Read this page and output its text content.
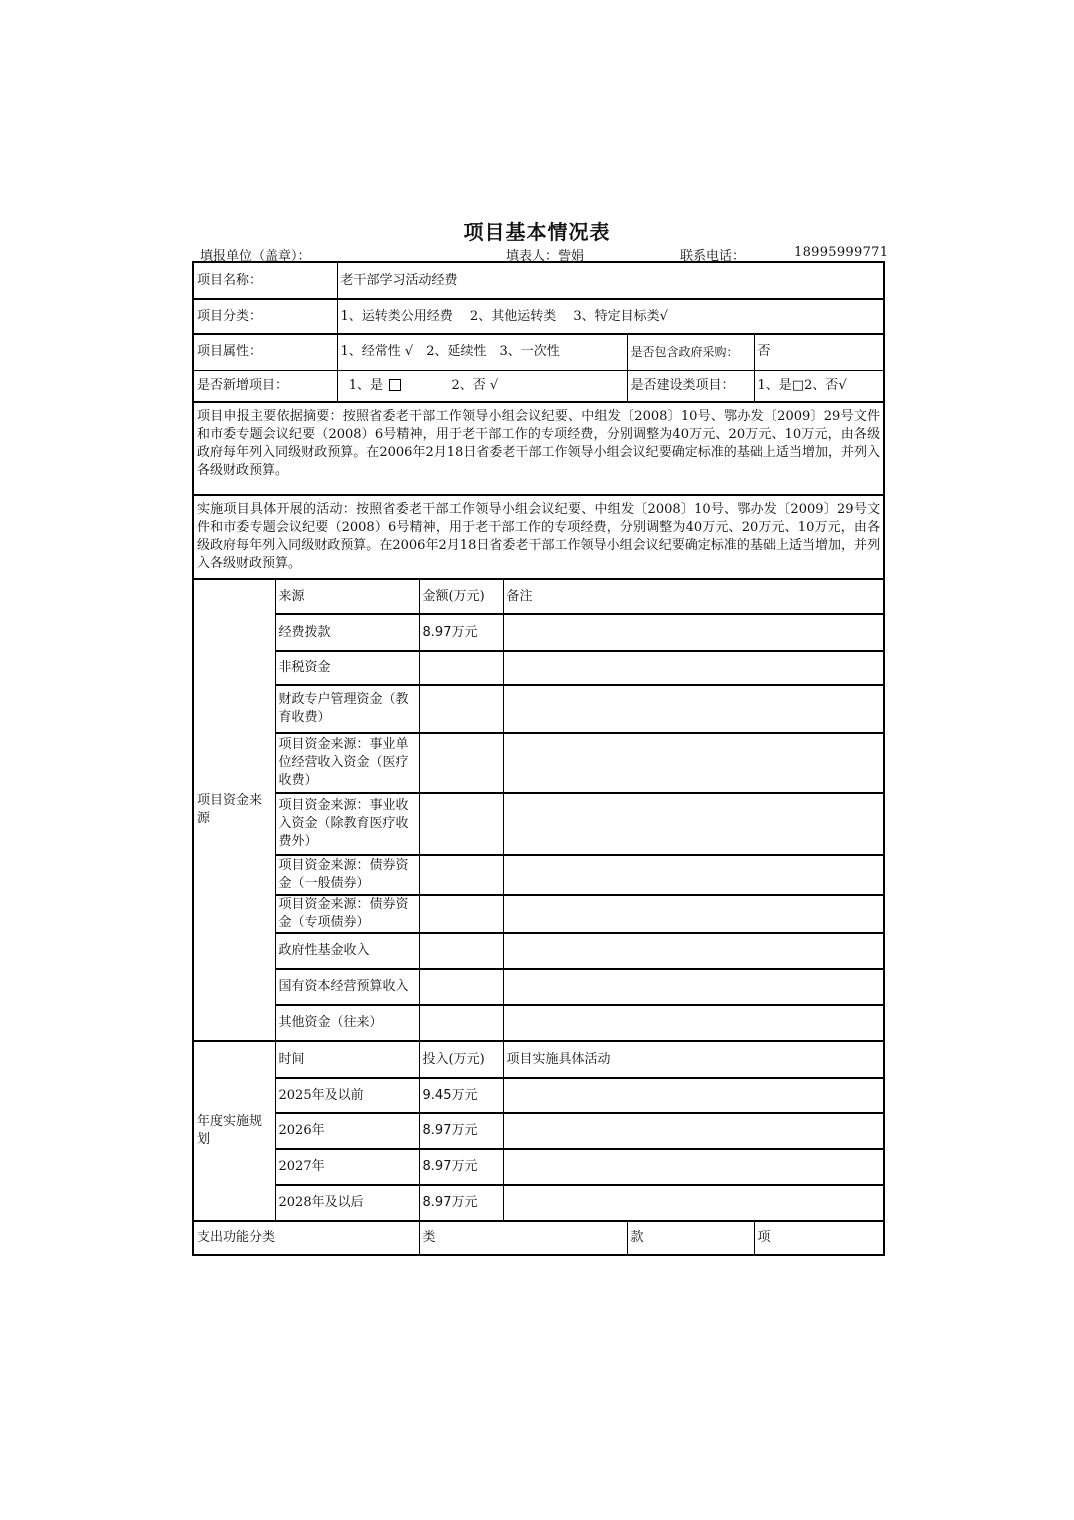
项目基本情况表
填报单位（盖章）：	填表人：訾娟	联系电话：	18995999771
项目名称：		老干部学习活动经费				
项目分类：		1、运转类公用经费　 2、其他运转类　 3、特定目标类√				
项目属性：		1、经常性 √　2、延续性　3、一次性			是否包含政府采购：	否
是否新增项目：		1、是 2、否 √			是否建设类项目：	1、是□2、否√
项目申报主要依据摘要：按照省委老干部工作领导小组会议纪要、中组发〔2008〕10号、鄂办发〔2009〕29号文件和市委专题会议纪要（2008）6号精神，用于老干部工作的专项经费，分别调整为40万元、20万元、10万元，由各级政府每年列入同级财政预算。在2006年2月18日省委老干部工作领导小组会议纪要确定标准的基础上适当增加，并列入各级财政预算。						
实施项目具体开展的活动：按照省委老干部工作领导小组会议纪要、中组发〔2008〕10号、鄂办发〔2009〕29号文件和市委专题会议纪要（2008）6号精神，用于老干部工作的专项经费，分别调整为40万元、20万元、10万元，由各级政府每年列入同级财政预算。在2006年2月18日省委老干部工作领导小组会议纪要确定标准的基础上适当增加，并列入各级财政预算。						
项目资金来源	来源		金额(万元)	备注		
	经费拨款		8.97万元			
	非税资金					
	财政专户管理资金（教育收费）					
	项目资金来源：事业单位经营收入资金（医疗收费）					
	项目资金来源：事业收入资金（除教育医疗收费外）					
	项目资金来源：债券资金（一般债券）					
	项目资金来源：债券资金（专项债券）					
	政府性基金收入					
	国有资本经营预算收入					
	其他资金（往来）					
年度实施规划	时间		投入(万元)	项目实施具体活动		
	2025年及以前		9.45万元			
	2026年		8.97万元			
	2027年		8.97万元			
	2028年及以后		8.97万元			
支出功能分类			类		款	项
